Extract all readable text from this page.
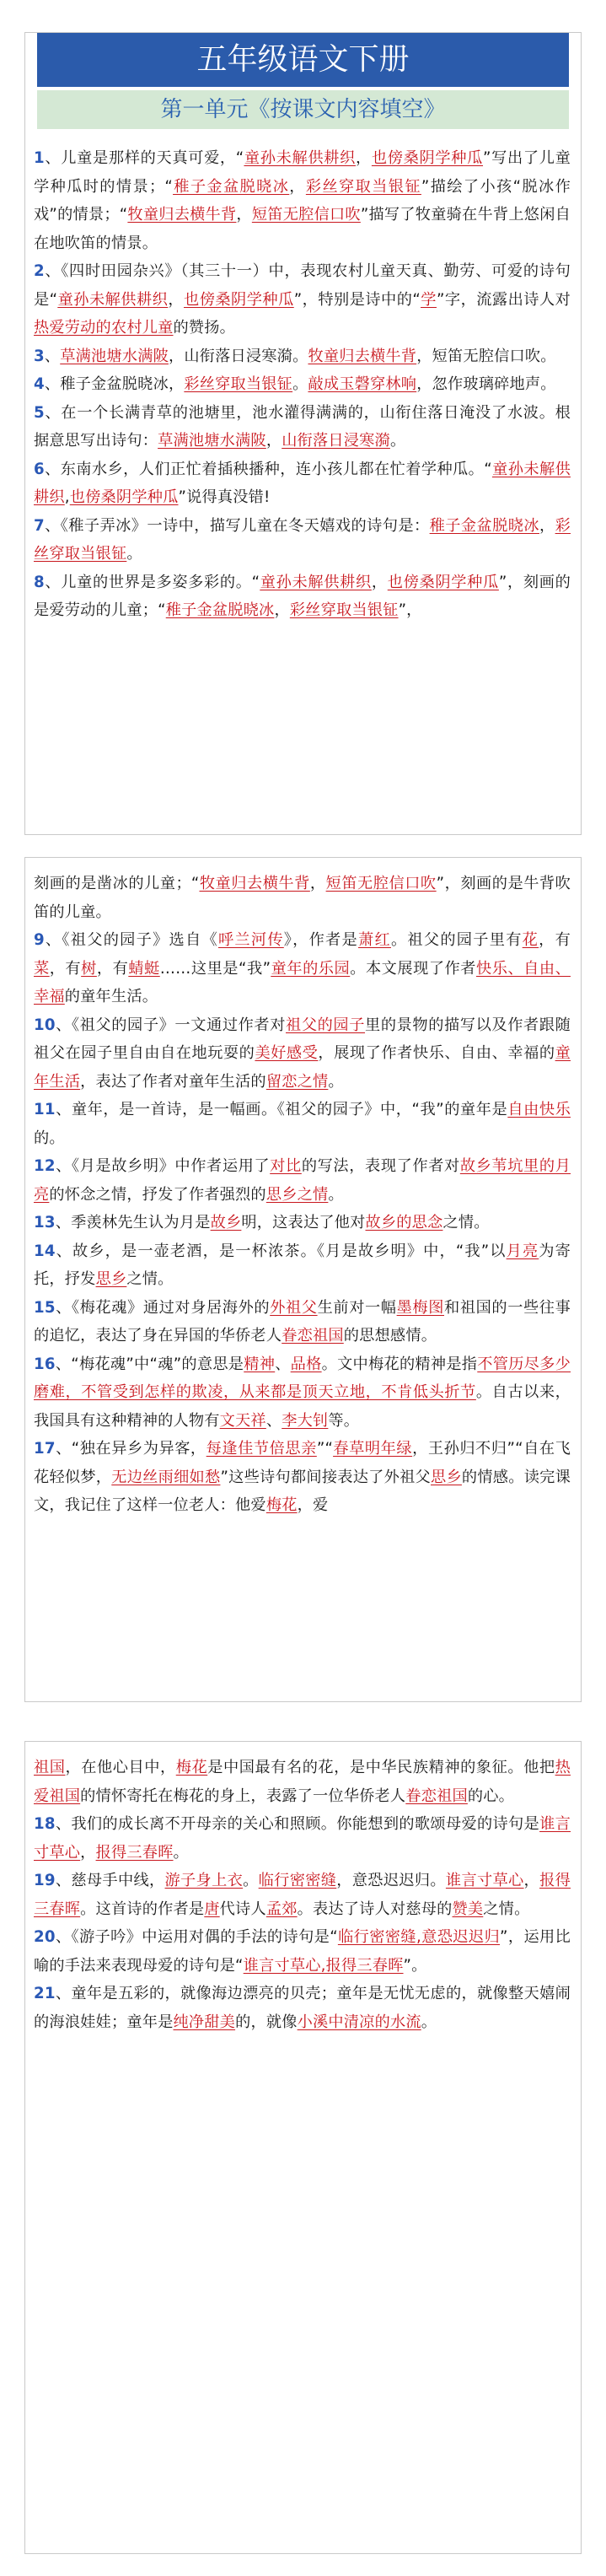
五年级语文下册
第一单元《按课文内容填空》

1、儿童是那样的天真可爱，“童孙未解供耕织，也傍桑阴学种瓜”写出了儿童学种瓜时的情景；“稚子金盆脱晓冰，彩丝穿取当银钲”描绘了小孩“脱冰作戏”的情景；“牧童归去横牛背，短笛无腔信口吹”描写了牧童骑在牛背上悠闲自在地吹笛的情景。

2、《四时田园杂兴》（其三十一）中，表现农村儿童天真、勤劳、可爱的诗句是“童孙未解供耕织，也傍桑阴学种瓜”，特别是诗中的“学”字，流露出诗人对热爱劳动的农村儿童的赞扬。

3、草满池塘水满陂，山衔落日浸寒漪。牧童归去横牛背，短笛无腔信口吹。

4、稚子金盆脱晓冰，彩丝穿取当银钲。敲成玉磬穿林响，忽作玻璃碎地声。

5、在一个长满青草的池塘里，池水灌得满满的，山衔住落日淹没了水波。根据意思写出诗句：草满池塘水满陂，山衔落日浸寒漪。

6、东南水乡，人们正忙着插秧播种，连小孩儿都在忙着学种瓜。“童孙未解供耕织,也傍桑阴学种瓜”说得真没错!

7、《稚子弄冰》一诗中，描写儿童在冬天嬉戏的诗句是：稚子金盆脱晓冰，彩丝穿取当银钲。

8、儿童的世界是多姿多彩的。“童孙未解供耕织，也傍桑阴学种瓜”，刻画的是爱劳动的儿童；“稚子金盆脱晓冰，彩丝穿取当银钲”，

刻画的是凿冰的儿童；“牧童归去横牛背，短笛无腔信口吹”，刻画的是牛背吹笛的儿童。

9、《祖父的园子》选自《呼兰河传》，作者是萧红。祖父的园子里有花，有菜，有树，有蜻蜓……这里是“我”童年的乐园。本文展现了作者快乐、自由、幸福的童年生活。

10、《祖父的园子》一文通过作者对祖父的园子里的景物的描写以及作者跟随祖父在园子里自由自在地玩耍的美好感受，展现了作者快乐、自由、幸福的童年生活，表达了作者对童年生活的留恋之情。

11、童年，是一首诗，是一幅画。《祖父的园子》中，“我”的童年是自由快乐的。

12、《月是故乡明》中作者运用了对比的写法，表现了作者对故乡苇坑里的月亮的怀念之情，抒发了作者强烈的思乡之情。

13、季羡林先生认为月是故乡明，这表达了他对故乡的思念之情。

14、故乡，是一壶老酒，是一杯浓茶。《月是故乡明》中，“我”以月亮为寄托，抒发思乡之情。

15、《梅花魂》通过对身居海外的外祖父生前对一幅墨梅图和祖国的一些往事的追忆，表达了身在异国的华侨老人眷恋祖国的思想感情。

16、“梅花魂”中“魂”的意思是精神、品格。文中梅花的精神是指不管历尽多少磨难，不管受到怎样的欺凌，从来都是顶天立地，不肯低头折节。自古以来，我国具有这种精神的人物有文天祥、李大钊等。

17、“独在异乡为异客，每逢佳节倍思亲”“春草明年绿，王孙归不归”“自在飞花轻似梦，无边丝雨细如愁”这些诗句都间接表达了外祖父思乡的情感。读完课文，我记住了这样一位老人：他爱梅花，爱

祖国，在他心目中，梅花是中国最有名的花，是中华民族精神的象征。他把热爱祖国的情怀寄托在梅花的身上，表露了一位华侨老人眷恋祖国的心。

18、我们的成长离不开母亲的关心和照顾。你能想到的歌颂母爱的诗句是谁言寸草心，报得三春晖。

19、慈母手中线，游子身上衣。临行密密缝，意恐迟迟归。谁言寸草心，报得三春晖。这首诗的作者是唐代诗人孟郊。表达了诗人对慈母的赞美之情。

20、《游子吟》中运用对偶的手法的诗句是“临行密密缝,意恐迟迟归”，运用比喻的手法来表现母爱的诗句是“谁言寸草心,报得三春晖”。

21、童年是五彩的，就像海边漂亮的贝壳；童年是无忧无虑的，就像整天嬉闹的海浪娃娃；童年是纯净甜美的，就像小溪中清凉的水流。
